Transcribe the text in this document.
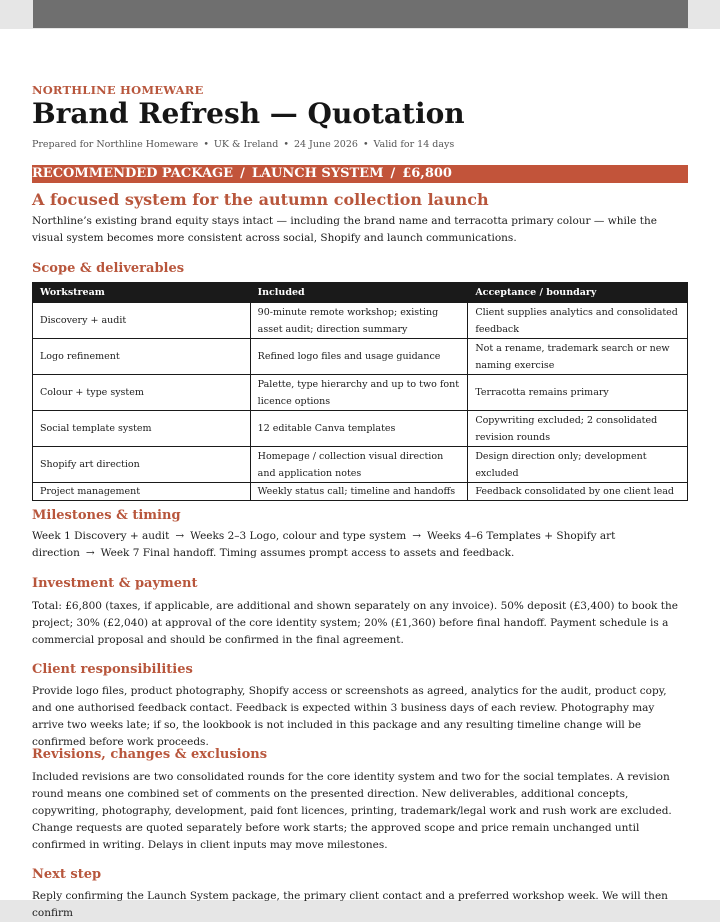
NORTHLINE HOMEWARE
Brand Refresh — Quotation
Prepared for Northline Homeware • UK & Ireland • 24 June 2026 • Valid for 14 days
RECOMMENDED PACKAGE / LAUNCH SYSTEM / £6,800
A focused system for the autumn collection launch

Northline’s existing brand equity stays intact — including the brand name and terracotta primary colour — while the visual system becomes more consistent across social, Shopify and launch communications.

Scope & deliverables
Workstream	Included	Acceptance / boundary
Discovery + audit	90-minute remote workshop; existing asset audit; direction summary	Client supplies analytics and consolidated feedback
Logo refinement	Refined logo files and usage guidance	Not a rename, trademark search or new naming exercise
Colour + type system	Palette, type hierarchy and up to two font licence options	Terracotta remains primary
Social template system	12 editable Canva templates	Copywriting excluded; 2 consolidated revision rounds
Shopify art direction	Homepage / collection visual direction and application notes	Design direction only; development excluded
Project management	Weekly status call; timeline and handoffs	Feedback consolidated by one client lead
Milestones & timing

Week 1 Discovery + audit → Weeks 2–3 Logo, colour and type system → Weeks 4–6 Templates + Shopify art direction → Week 7 Final handoff. Timing assumes prompt access to assets and feedback.

Investment & payment

Total: £6,800 (taxes, if applicable, are additional and shown separately on any invoice). 50% deposit (£3,400) to book the project; 30% (£2,040) at approval of the core identity system; 20% (£1,360) before final handoff. Payment schedule is a commercial proposal and should be confirmed in the final agreement.

Client responsibilities

Provide logo files, product photography, Shopify access or screenshots as agreed, analytics for the audit, product copy, and one authorised feedback contact. Feedback is expected within 3 business days of each review. Photography may arrive two weeks late; if so, the lookbook is not included in this package and any resulting timeline change will be confirmed before work proceeds.

Revisions, changes & exclusions

Included revisions are two consolidated rounds for the core identity system and two for the social templates. A revision round means one combined set of comments on the presented direction. New deliverables, additional concepts, copywriting, photography, development, paid font licences, printing, trademark/legal work and rush work are excluded. Change requests are quoted separately before work starts; the approved scope and price remain unchanged until confirmed in writing. Delays in client inputs may move milestones.

Next step

Reply confirming the Launch System package, the primary client contact and a preferred workshop week. We will then confirm
